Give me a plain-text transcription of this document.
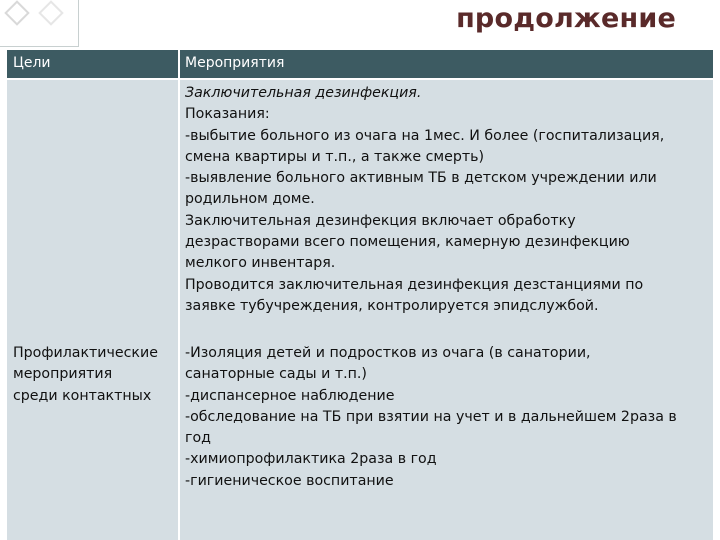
продолжение
Цели	Мероприятия
Заключительная дезинфекция.
Показания:
-выбытие больного из очага на 1мес. И более (госпитализация,
смена квартиры и т.п., а также смерть)
-выявление больного активным ТБ в детском учреждении или
родильном доме.
Заключительная дезинфекция включает обработку
дезрастворами всего помещения, камерную дезинфекцию
мелкого инвентаря.
Проводится заключительная дезинфекция дезстанциями по
заявке тубучреждения, контролируется эпидслужбой.
Профилактические
мероприятия
среди контактных
-Изоляция детей и подростков из очага (в санатории,
санаторные сады и т.п.)
-диспансерное наблюдение
-обследование на ТБ при взятии на учет и в дальнейшем 2раза в
год
-химиопрофилактика 2раза в год
-гигиеническое воспитание
